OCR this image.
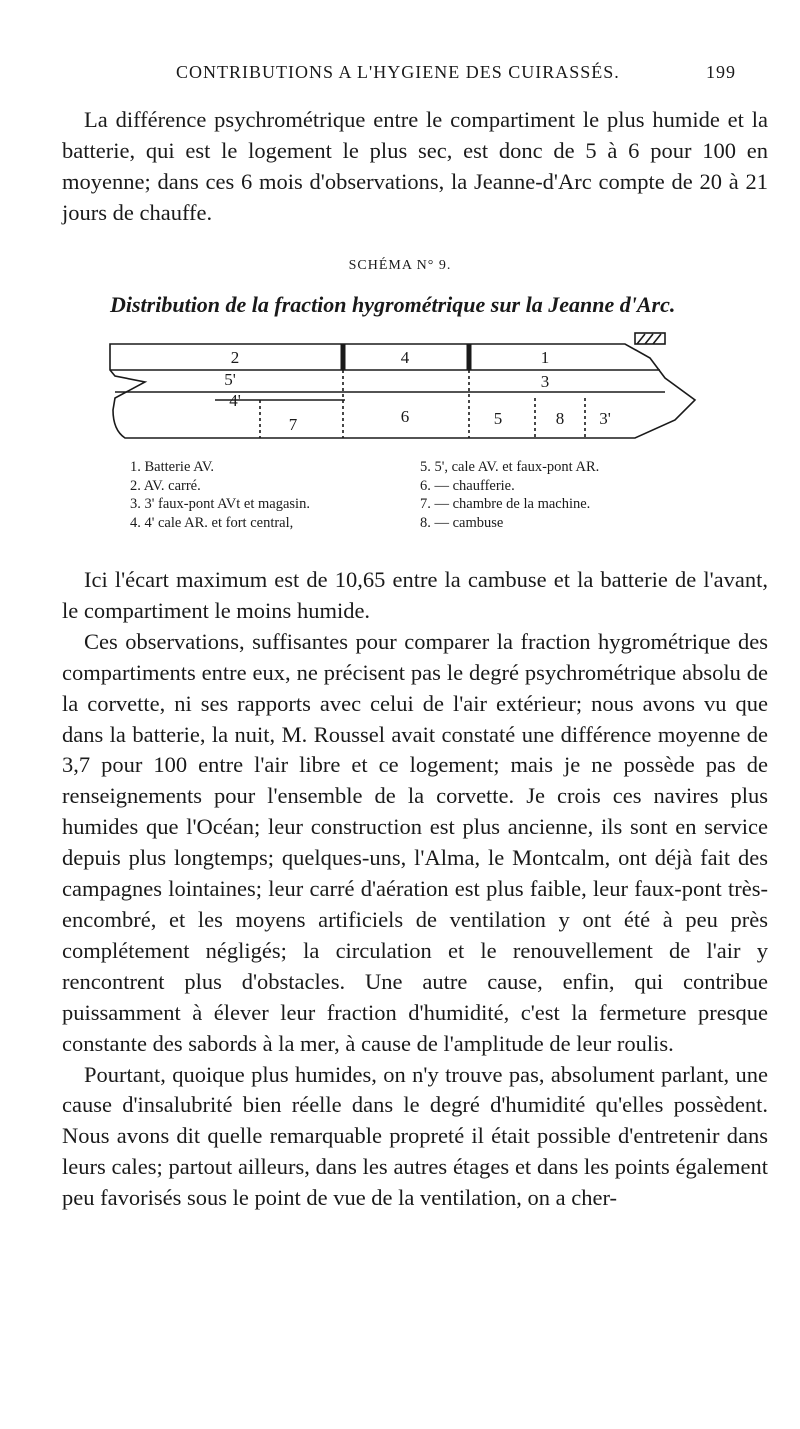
CONTRIBUTIONS A L'HYGIENE DES CUIRASSÉS.	199

La différence psychrométrique entre le compartiment le plus humide et la batterie, qui est le logement le plus sec, est donc de 5 à 6 pour 100 en moyenne; dans ces 6 mois d'observations, la Jeanne-d'Arc compte de 20 à 21 jours de chauffe.

SCHÉMA N° 9.
Distribution de la fraction hygrométrique sur la Jeanne d'Arc.
2	4	1
5'	3
4'
7	6	5	8 3'
1. Batterie AV.	5. 5', cale AV. et faux-pont AR.
2. AV. carré.	6. — chaufferie.
3. 3' faux-pont AVt et magasin.	7. — chambre de la machine.
4. 4' cale AR. et fort central,	8. — cambuse

Ici l'écart maximum est de 10,65 entre la cambuse et la batterie de l'avant, le compartiment le moins humide.

Ces observations, suffisantes pour comparer la fraction hygrométrique des compartiments entre eux, ne précisent pas le degré psychrométrique absolu de la corvette, ni ses rapports avec celui de l'air extérieur; nous avons vu que dans la batterie, la nuit, M. Roussel avait constaté une différence moyenne de 3,7 pour 100 entre l'air libre et ce logement; mais je ne possède pas de renseignements pour l'ensemble de la corvette. Je crois ces navires plus humides que l'Océan; leur construction est plus ancienne, ils sont en service depuis plus longtemps; quelques-uns, l'Alma, le Montcalm, ont déjà fait des campagnes lointaines; leur carré d'aération est plus faible, leur faux-pont très-encombré, et les moyens artificiels de ventilation y ont été à peu près complétement négligés; la circulation et le renouvellement de l'air y rencontrent plus d'obstacles. Une autre cause, enfin, qui contribue puissamment à élever leur fraction d'humidité, c'est la fermeture presque constante des sabords à la mer, à cause de l'amplitude de leur roulis.

Pourtant, quoique plus humides, on n'y trouve pas, absolument parlant, une cause d'insalubrité bien réelle dans le degré d'humidité qu'elles possèdent. Nous avons dit quelle remarquable propreté il était possible d'entretenir dans leurs cales; partout ailleurs, dans les autres étages et dans les points également peu favorisés sous le point de vue de la ventilation, on a cher-
